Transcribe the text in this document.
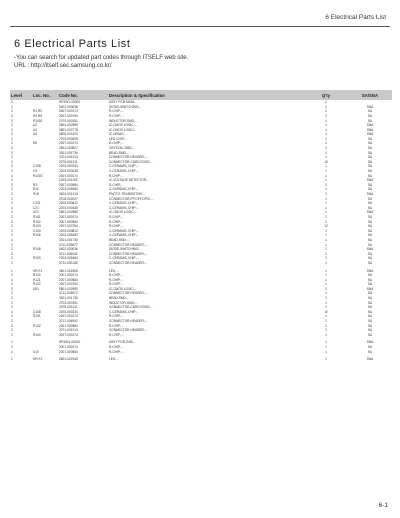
6 Electrical Parts List
6 Electrical Parts List
-You can search for updated part codes through ITSELF web site.
URL : http://itself.sec.samsung.co.kr/
Level	Loc. No.	Code No.	Description & Specification	Q'ty	SA/SNA
1		HR1W1-0000X	ASSY PCB-MAIN;...	1	
2		0402-000036	DIODE-SWITCHING;...	1	SNA
2	R1,R2	2007-000174	R-CHIP;...	2	SA
2	R3,R5	2007-000764	R-CHIP;...	2	SA
2	R1002	2703-000151	INDUCTOR-SMD;...	1	SA
2	U2	0801-002589	IC-CMOS LOGIC;...	1	SNA
2	U3	0801-002778	IC-CMOS LOGIC;...	1	SNA
2	U4	0806-001320	IC-DRAM;...	1	SNA
2		2703-000005	LED-CHIP;...	1	SA
2	R6	2007-000174	R-CHIP;...	1	SA
2		2801-003827	CRYSTAL-SMD;...	1	SA
2		3301-001736	BEAD-SMD;...	1	SA
2		3701-001313	CONNECTOR-HEADER;...	1	SA
2		3709-001211	CONNECTOR-CARD EDGE;...	10	SA
2	C108	2203-000233	C-CERAMIC,CHIP;...	1	SA
2	C9	2203-000238	C-CERAMIC,CHIP;...	1	SA
2	R1003	2007-000174	R-CHIP;...	1	SA
2		1003-001105	IC-VOLTAGE DETECTOR;...	1	SNA
2	R3	2007-000584	R-CHIP;...	1	SA
2	R11	2203-005484	C-CERAMIC,CHIP;...	1	SA
2	R18	0604-001213	PHOTO-TRANSISTOR;...	1	SNA
2		3708-002027	CONNECTOR-FPC/FFC/PIC;...	1	SA
2	C101	2203-000812	C-CERAMIC,CHIP;...	1	SA
2	C21	2203-000438	C-CERAMIC,CHIP;...	1	SA
2	U21	0801-002589	IC-CMOS LOGIC;...	1	SNA
2	R101	2007-000174	R-CHIP;...	1	SA
2	R102	2007-000584	R-CHIP;...	1	SA
2	R103	2007-000754	R-CHIP;...	12	SA
2	C104	2203-000812	C-CERAMIC,CHIP;...	1	SA
2	R106	2203-005482	C-CERAMIC,CHIP;...	1	SA
2		3301-001736	BEAD-SMD;...	1	SA
2		3711-003872	CONNECTOR-HEADER;...	1	SA
2	R108	0402-000036	DIODE-SWITCHING;...	1	SNA
2		3711-004542	CONNECTOR-HEADER;...	1	SA
2	R109	2203-005484	C-CERAMIC,CHIP;...	1	SA
2		3711-000145	CONNECTOR-HEADER;...	1	SA

1	HR-F1	0601-002345	LED;...	1	SNA
2	R120	2007-000174	R-CHIP;...	1	SA
2	R121	2007-000584	R-CHIP;...	1	SA
2	R122	2007-000764	R-CHIP;...	1	SA
2	U51	0801-002589	IC-CMOS LOGIC;...	1	SNA
2		3711-003872	CONNECTOR-HEADER;...	1	SA
2		3301-001736	BEAD-SMD;...	1	SA
2		2703-000151	INDUCTOR-SMD;...	1	SA
2		3709-001211	CONNECTOR-CARD EDGE;...	1	SA
2	C108	2203-000233	C-CERAMIC,CHIP;...	10	SA
2	R131	2007-000174	R-CHIP;...	1	SA
2		3711-004542	CONNECTOR-HEADER;...	1	SA
2	R132	2007-000584	R-CHIP;...	1	SA
2		3701-001313	CONNECTOR-HEADER;...	1	SA
2	R140	2007-000174	R-CHIP;...	1	SA

1		HR1W1-0001X	ASSY PCB-SUB;...	1	SNA
2		2007-000174	R-CHIP;...	1	SA
2	U10	2007-000584	R-CHIP;...	1	SA

1	HR-F2	0601-002345	LED;...	1	SNA
6-1
